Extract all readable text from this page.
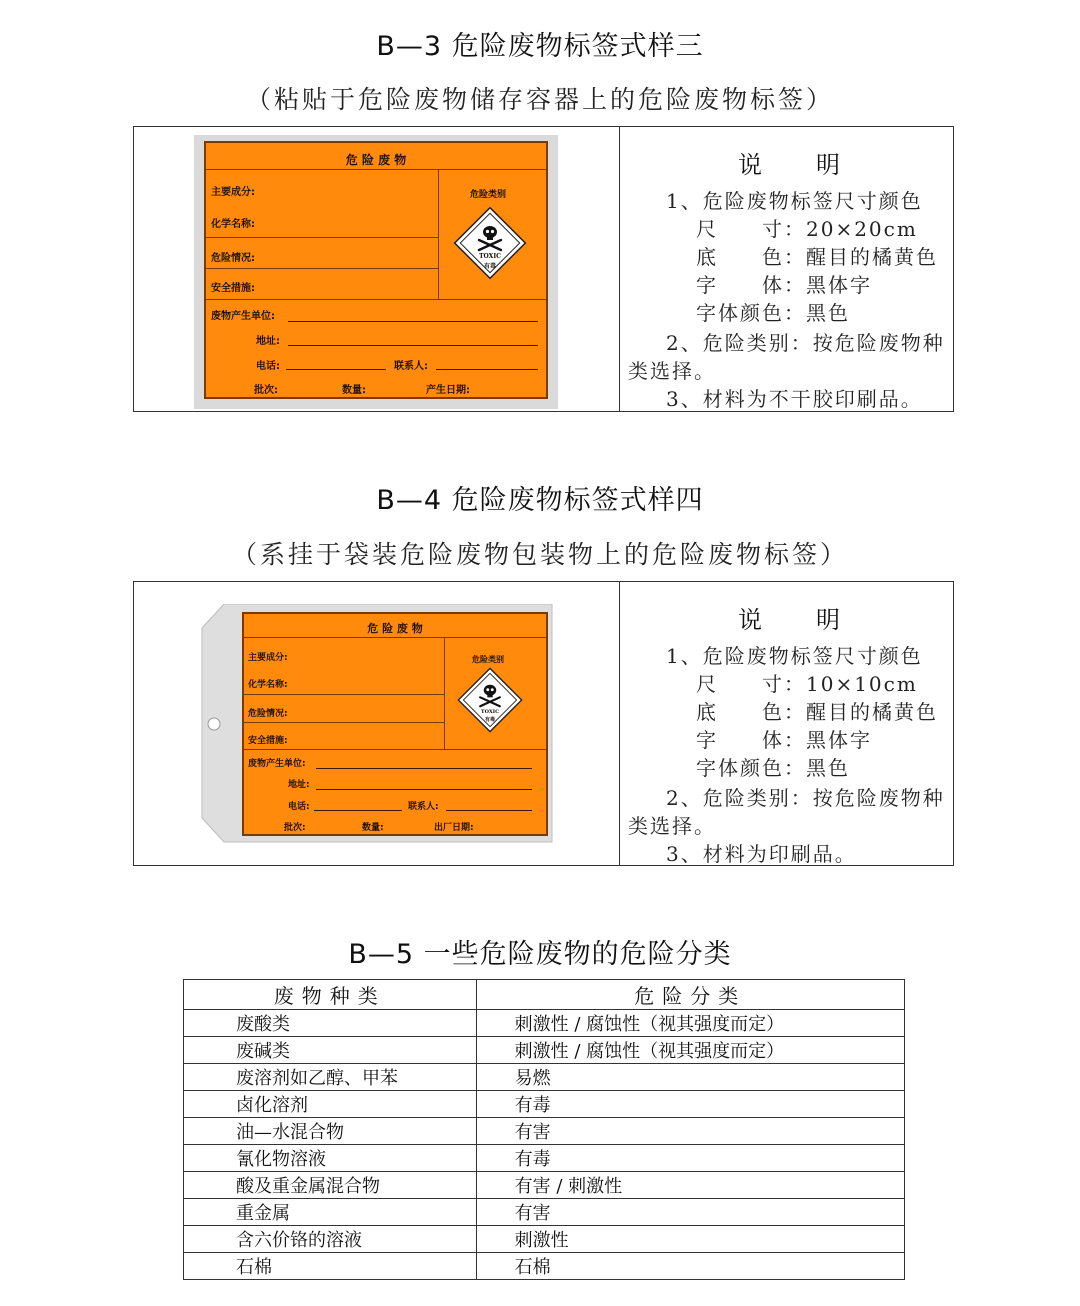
B—3 危险废物标签式样三
（粘贴于危险废物储存容器上的危险废物标签）
危 险 废 物
主要成分:
化学名称:
危险情况:
安全措施:
危险类别
TOXIC
有毒
废物产生单位:
地址:
电话:	联系人:
批次:	数量:	产生日期:
说　　明
1、危险废物标签尺寸颜色
尺　　寸：20×20cm
底　　色：醒目的橘黄色
字　　体：黑体字
字体颜色：黑色
2、危险类别：按危险废物种
类选择。
3、材料为不干胶印刷品。
B—4 危险废物标签式样四
（系挂于袋装危险废物包装物上的危险废物标签）
危 险 废 物
主要成分:
化学名称:
危险情况:
安全措施:
危险类别
TOXIC
有毒
废物产生单位:
地址:
电话:	联系人:
批次:	数量:	出厂日期:
说　　明
1、危险废物标签尺寸颜色
尺　　寸：10×10cm
底　　色：醒目的橘黄色
字　　体：黑体字
字体颜色：黑色
2、危险类别：按危险废物种
类选择。
3、材料为印刷品。
B—5 一些危险废物的危险分类
废物种类	危险分类
废酸类	刺激性 / 腐蚀性（视其强度而定）
废碱类	刺激性 / 腐蚀性（视其强度而定）
废溶剂如乙醇、甲苯	易燃
卤化溶剂	有毒
油—水混合物	有害
氰化物溶液	有毒
酸及重金属混合物	有害 / 刺激性
重金属	有害
含六价铬的溶液	刺激性
石棉	石棉
